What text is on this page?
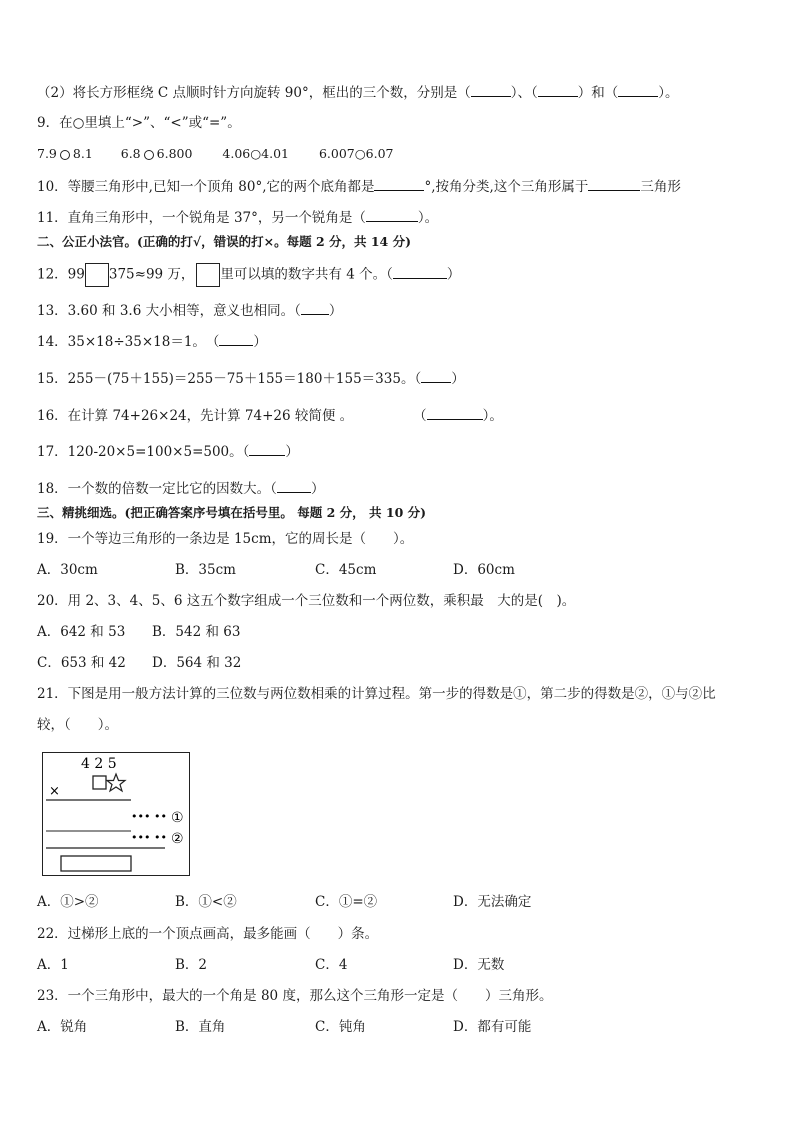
（2）将长方形框绕 C 点顺时针方向旋转 90°，框出的三个数，分别是（	）、（	）和（	）。
9．在○里填上“>”、“<”或“=”。
7.9 8.1 6.8 6.800 4.06○4.01 6.007○6.07
10．等腰三角形中,已知一个顶角 80°,它的两个底角都是	°,按角分类,这个三角形属于	三角形
11．直角三角形中，一个锐角是 37°，另一个锐角是（	）。
二、公正小法官。(正确的打√，错误的打×。每题 2 分，共 14 分)
12．99 375≈99 万， 里可以填的数字共有 4 个。（	）
13．3.60 和 3.6 大小相等，意义也相同。（ ）
14．35×18÷35×18＝1。　（	）
15．255－(75＋155)＝255－75＋155＝180＋155＝335。（ ）
16．在计算 74+26×24，先计算 74+26 较简便 。	（	）。
17．120-20×5=100×5=500。（	）
18．一个数的倍数一定比它的因数大。（	）
三、精挑细选。(把正确答案序号填在括号里。 每题 2 分， 共 10 分)
19．一个等边三角形的一条边是 15cm，它的周长是（　　）。
A．30cm	B．35cm	C．45cm	D．60cm
20．用 2、3、4、5、6 这五个数字组成一个三位数和一个两位数，乘积最　大的是(　)。
A．642 和 53 B．542 和 63
C．653 和 42 D．564 和 32
21．下图是用一般方法计算的三位数与两位数相乘的计算过程。第一步的得数是①，第二步的得数是②，①与②比
较，（　　）。
4 2 5
×
••• •• ①
••• •• ②
A．①>②	B．①<②	C．①=②	D．无法确定
22．过梯形上底的一个顶点画高，最多能画（　　）条。
A．1	B．2	C．4	D．无数
23．一个三角形中，最大的一个角是 80 度，那么这个三角形一定是（　　）三角形。
A．锐角	B．直角	C．钝角	D．都有可能
